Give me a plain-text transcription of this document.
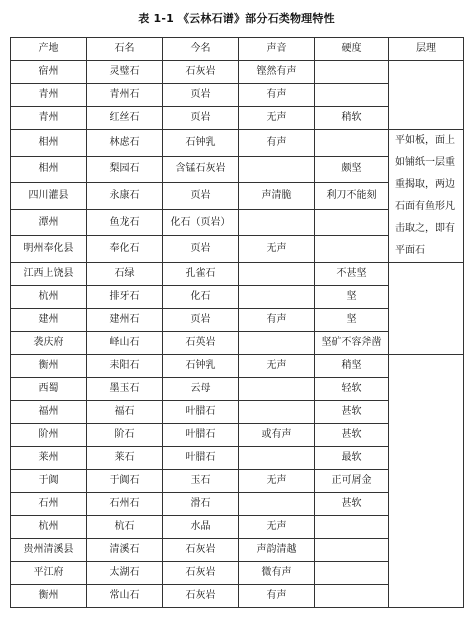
表 1-1 《云林石谱》部分石类物理特性
产地	石名	今名	声音	硬度	层理
宿州	灵璧石	石灰岩	铿然有声		
青州	青州石	页岩	有声		
青州	红丝石	页岩	无声	稍软	
相州	林虑石	石钟乳	有声		平如板，面上如铺纸一层重重揭取，两边石面有鱼形凡击取之，即有平面石
相州	梨园石	含锰石灰岩		颇坚	
四川灌县	永康石	页岩	声清脆	利刀不能刻	
潭州	鱼龙石	化石（页岩）			
明州奉化县	奉化石	页岩	无声		
江西上饶县	石绿	孔雀石		不甚坚	
杭州	排牙石	化石		坚	
建州	建州石	页岩	有声	坚	
袭庆府	峄山石	石英岩		坚矿不容斧凿	
衡州	耒阳石	石钟乳	无声	稍坚	
西蜀	墨玉石	云母		轻软	
福州	福石	叶腊石		甚软	
阶州	阶石	叶腊石	或有声	甚软	
莱州	莱石	叶腊石		最软	
于阗	于阗石	玉石	无声	正可屑金	
石州	石州石	滑石		甚软	
杭州	杭石	水晶	无声		
贵州清溪县	清溪石	石灰岩	声韵清越		
平江府	太湖石	石灰岩	微有声		
衡州	常山石	石灰岩	有声		
